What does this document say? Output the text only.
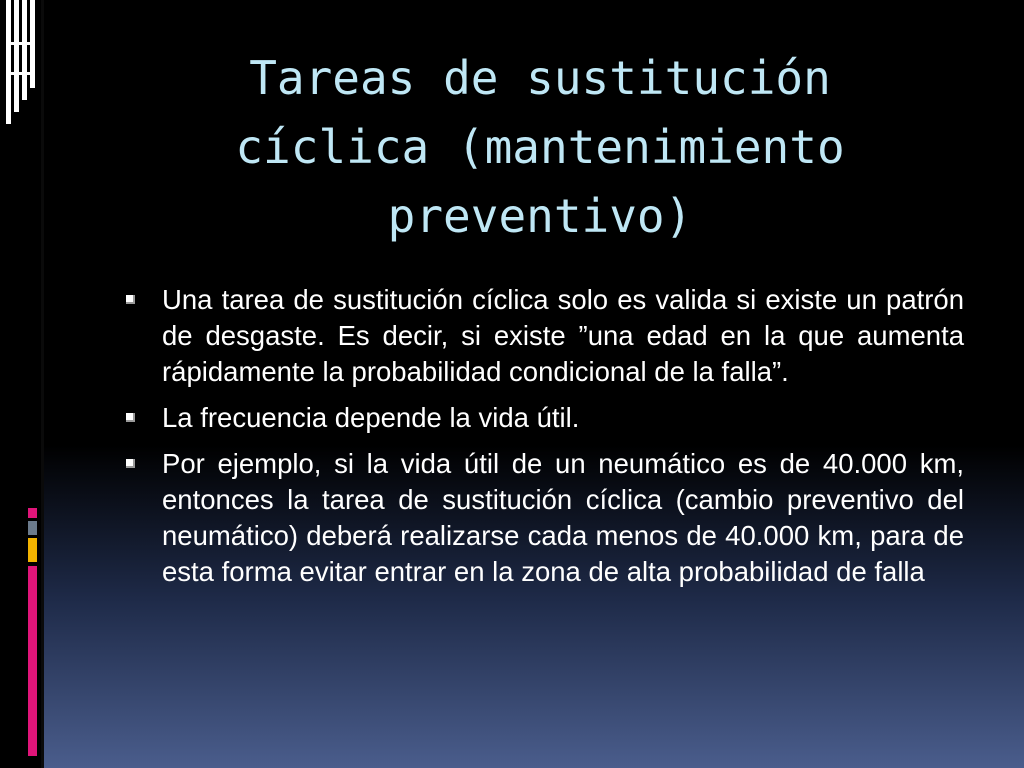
Tareas de sustitución cíclica (mantenimiento preventivo)
Una tarea de sustitución cíclica solo es valida si existe un patrón de desgaste. Es decir, si existe ”una edad en la que aumenta rápidamente la probabilidad condicional de la falla”.
La frecuencia depende la vida útil.
Por ejemplo, si la vida útil de un neumático es de 40.000 km, entonces la tarea de sustitución cíclica (cambio preventivo del neumático) deberá realizarse cada menos de 40.000 km, para de esta forma evitar entrar en la zona de alta probabilidad de falla
